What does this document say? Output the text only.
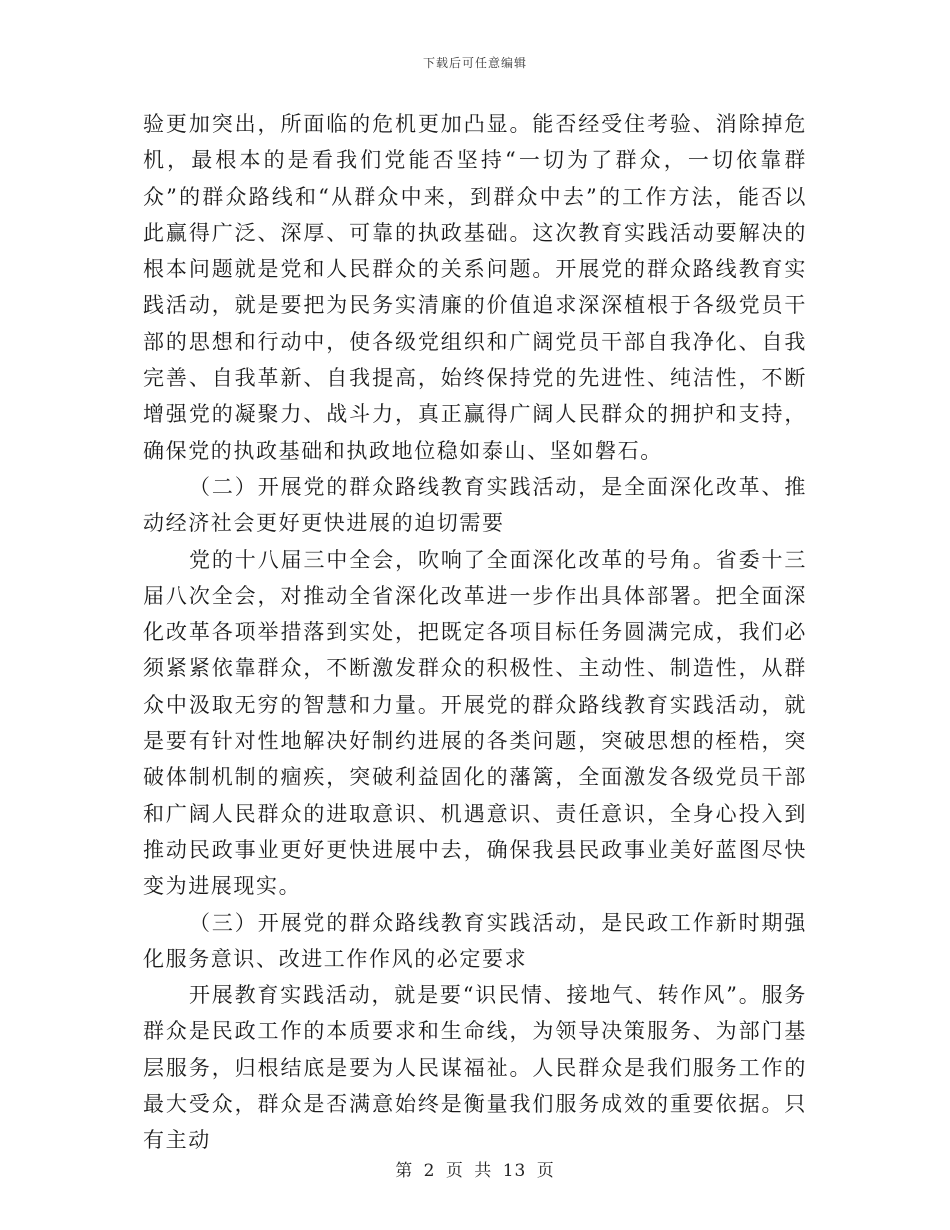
下载后可任意编辑

验更加突出，所面临的危机更加凸显。能否经受住考验、消除掉危机，最根本的是看我们党能否坚持“一切为了群众，一切依靠群众”的群众路线和“从群众中来，到群众中去”的工作方法，能否以此赢得广泛、深厚、可靠的执政基础。这次教育实践活动要解决的根本问题就是党和人民群众的关系问题。开展党的群众路线教育实践活动，就是要把为民务实清廉的价值追求深深植根于各级党员干部的思想和行动中，使各级党组织和广阔党员干部自我净化、自我完善、自我革新、自我提高，始终保持党的先进性、纯洁性，不断增强党的凝聚力、战斗力，真正赢得广阔人民群众的拥护和支持，确保党的执政基础和执政地位稳如泰山、坚如磐石。

（二）开展党的群众路线教育实践活动，是全面深化改革、推动经济社会更好更快进展的迫切需要

党的十八届三中全会，吹响了全面深化改革的号角。省委十三届八次全会，对推动全省深化改革进一步作出具体部署。把全面深化改革各项举措落到实处，把既定各项目标任务圆满完成，我们必须紧紧依靠群众，不断激发群众的积极性、主动性、制造性，从群众中汲取无穷的智慧和力量。开展党的群众路线教育实践活动，就是要有针对性地解决好制约进展的各类问题，突破思想的桎梏，突破体制机制的痼疾，突破利益固化的藩篱，全面激发各级党员干部和广阔人民群众的进取意识、机遇意识、责任意识，全身心投入到推动民政事业更好更快进展中去，确保我县民政事业美好蓝图尽快变为进展现实。

（三）开展党的群众路线教育实践活动，是民政工作新时期强化服务意识、改进工作作风的必定要求

开展教育实践活动，就是要“识民情、接地气、转作风”。服务群众是民政工作的本质要求和生命线，为领导决策服务、为部门基层服务，归根结底是要为人民谋福祉。人民群众是我们服务工作的最大受众，群众是否满意始终是衡量我们服务成效的重要依据。只有主动

第 2 页 共 13 页
